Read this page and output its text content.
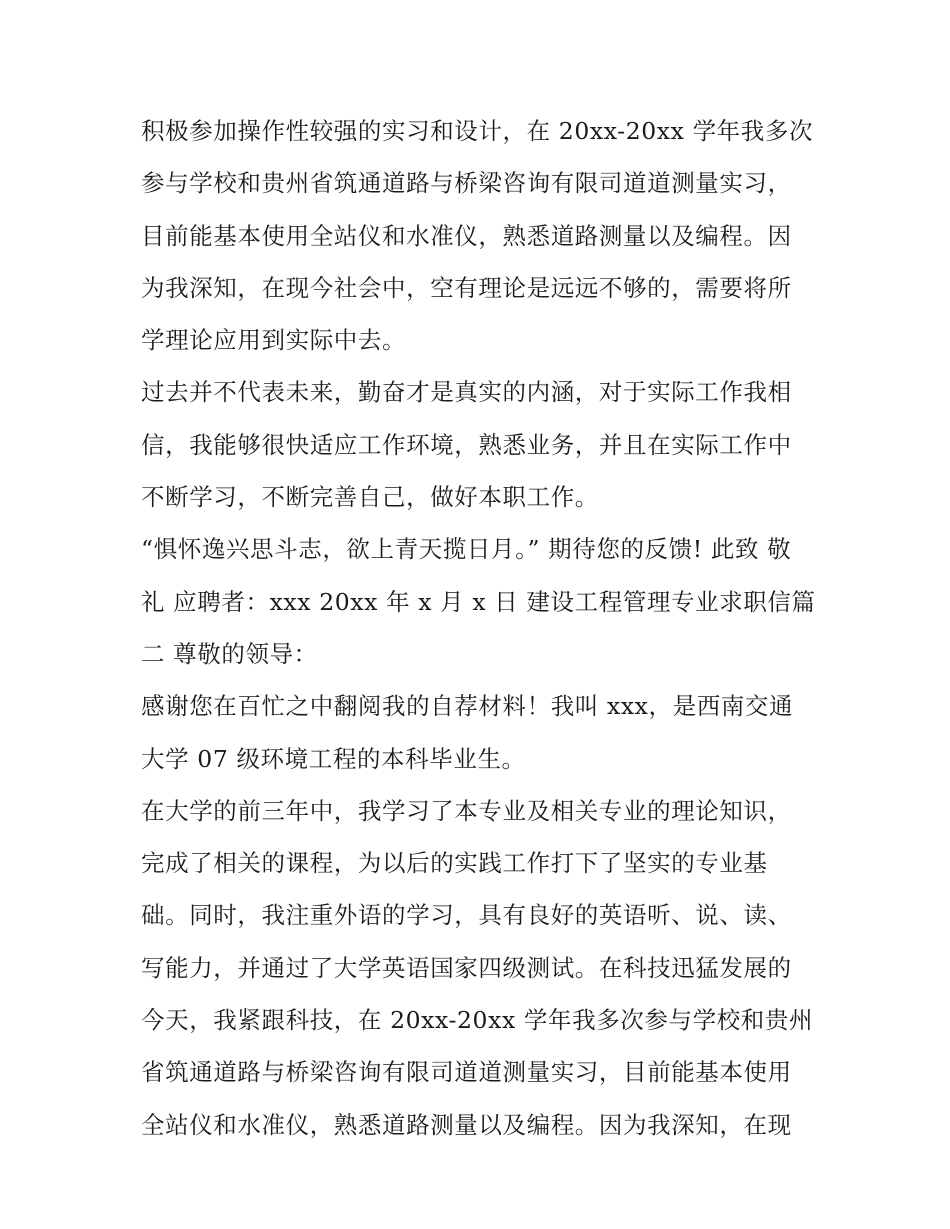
积极参加操作性较强的实习和设计，在 20xx-20xx 学年我多次
参与学校和贵州省筑通道路与桥梁咨询有限司道道测量实习，
目前能基本使用全站仪和水准仪，熟悉道路测量以及编程。因
为我深知，在现今社会中，空有理论是远远不够的，需要将所
学理论应用到实际中去。
过去并不代表未来，勤奋才是真实的内涵，对于实际工作我相
信，我能够很快适应工作环境，熟悉业务，并且在实际工作中
不断学习，不断完善自己，做好本职工作。
“惧怀逸兴思斗志，欲上青天揽日月。” 期待您的反馈! 此致 敬
礼 应聘者：xxx 20xx 年 x 月 x 日 建设工程管理专业求职信篇
二 尊敬的领导：
感谢您在百忙之中翻阅我的自荐材料！我叫 xxx，是西南交通
大学 07 级环境工程的本科毕业生。
在大学的前三年中，我学习了本专业及相关专业的理论知识，
完成了相关的课程，为以后的实践工作打下了坚实的专业基
础。同时，我注重外语的学习，具有良好的英语听、说、读、
写能力，并通过了大学英语国家四级测试。在科技迅猛发展的
今天，我紧跟科技，在 20xx-20xx 学年我多次参与学校和贵州
省筑通道路与桥梁咨询有限司道道测量实习，目前能基本使用
全站仪和水准仪，熟悉道路测量以及编程。因为我深知，在现
